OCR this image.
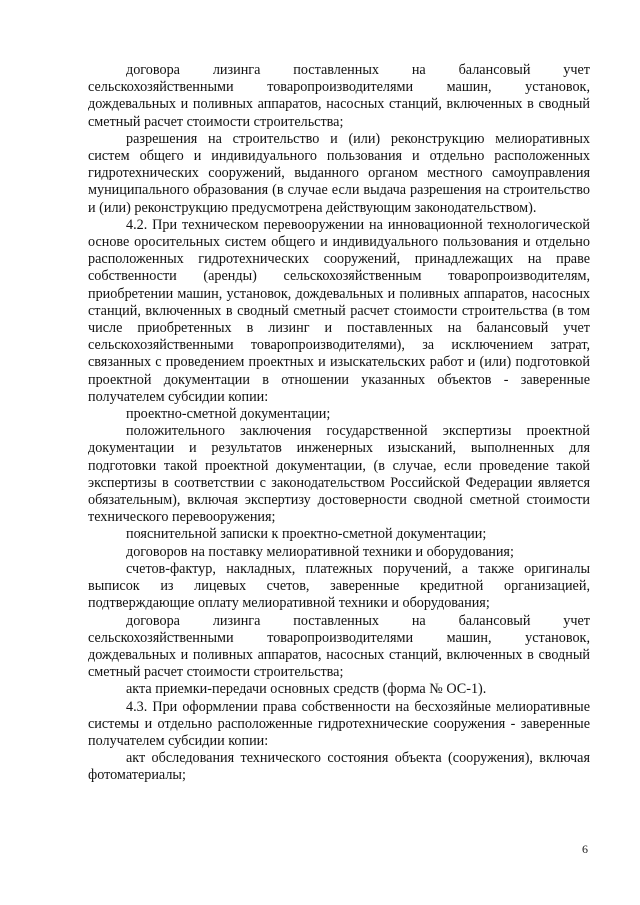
договора лизинга поставленных на балансовый учет сельскохозяйственными товаропроизводителями машин, установок, дождевальных и поливных аппаратов, насосных станций, включенных в сводный сметный расчет стоимости строительства;

разрешения на строительство и (или) реконструкцию мелиоративных систем общего и индивидуального пользования и отдельно расположенных гидротехнических сооружений, выданного органом местного самоуправления муниципального образования (в случае если выдача разрешения на строительство и (или) реконструкцию предусмотрена действующим законодательством).

4.2. При техническом перевооружении на инновационной технологической основе оросительных систем общего и индивидуального пользования и отдельно расположенных гидротехнических сооружений, принадлежащих на праве собственности (аренды) сельскохозяйственным товаропроизводителям, приобретении машин, установок, дождевальных и поливных аппаратов, насосных станций, включенных в сводный сметный расчет стоимости строительства (в том числе приобретенных в лизинг и поставленных на балансовый учет сельскохозяйственными товаропроизводителями), за исключением затрат, связанных с проведением проектных и изыскательских работ и (или) подготовкой проектной документации в отношении указанных объектов - заверенные получателем субсидии копии:

проектно-сметной документации;

положительного заключения государственной экспертизы проектной документации и результатов инженерных изысканий, выполненных для подготовки такой проектной документации, (в случае, если проведение такой экспертизы в соответствии с законодательством Российской Федерации является обязательным), включая экспертизу достоверности сводной сметной стоимости технического перевооружения;

пояснительной записки к проектно-сметной документации;

договоров на поставку мелиоративной техники и оборудования;

счетов-фактур, накладных, платежных поручений, а также оригиналы выписок из лицевых счетов, заверенные кредитной организацией, подтверждающие оплату мелиоративной техники и оборудования;

договора лизинга поставленных на балансовый учет сельскохозяйственными товаропроизводителями машин, установок, дождевальных и поливных аппаратов, насосных станций, включенных в сводный сметный расчет стоимости строительства;

акта приемки-передачи основных средств (форма № ОС-1).

4.3. При оформлении права собственности на бесхозяйные мелиоративные системы и отдельно расположенные гидротехнические сооружения - заверенные получателем субсидии копии:

акт обследования технического состояния объекта (сооружения), включая фотоматериалы;

6
